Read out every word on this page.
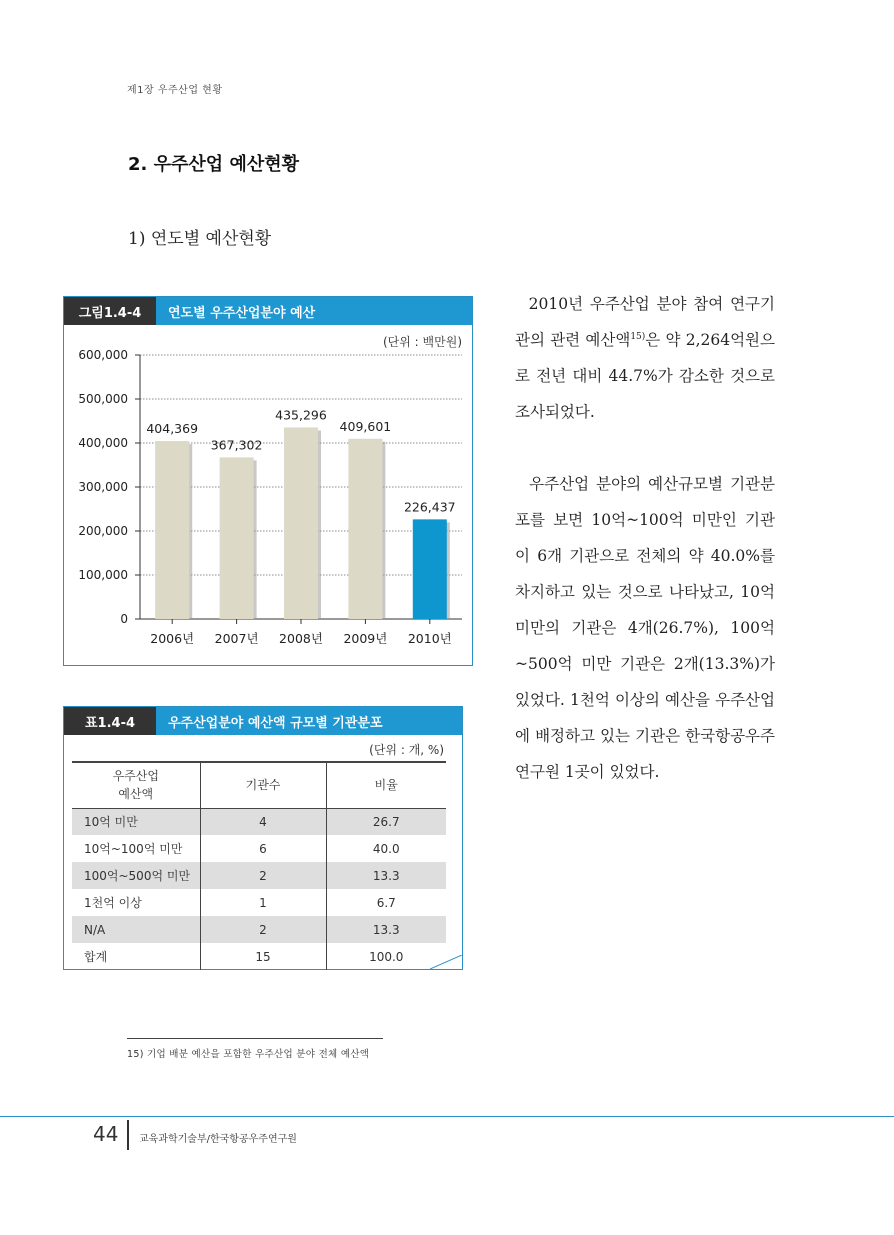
제1장 우주산업 현황
2. 우주산업 예산현황
1) 연도별 예산현황
그림1.4-4	연도별 우주산업분야 예산
(단위 : 백만원)
0
100,000
200,000
300,000
400,000
500,000
600,000
404,369
2006년
367,302
2007년
435,296
2008년
409,601
2009년
226,437
2010년
표1.4-4	우주산업분야 예산액 규모별 기관분포
(단위 : 개, %)
우주산업
예산액	기관수	비율
10억 미만	4	26.7
10억~100억 미만	6	40.0
100억~500억 미만	2	13.3
1천억 이상	1	6.7
N/A	2	13.3
합계	15	100.0
2010년 우주산업 분야 참여 연구기관의 관련 예산액$^{15)}$은 약 2,264억원으로 전년 대비 44.7%가 감소한 것으로 조사되었다.
우주산업 분야의 예산규모별 기관분포를 보면 10억~100억 미만인 기관이 6개 기관으로 전체의 약 40.0%를 차지하고 있는 것으로 나타났고, 10억 미만의 기관은 4개(26.7%), 100억~500억 미만 기관은 2개(13.3%)가 있었다. 1천억 이상의 예산을 우주산업에 배정하고 있는 기관은 한국항공우주연구원 1곳이 있었다.
15) 기업 배분 예산을 포함한 우주산업 분야 전체 예산액
44 교육과학기술부/한국항공우주연구원
